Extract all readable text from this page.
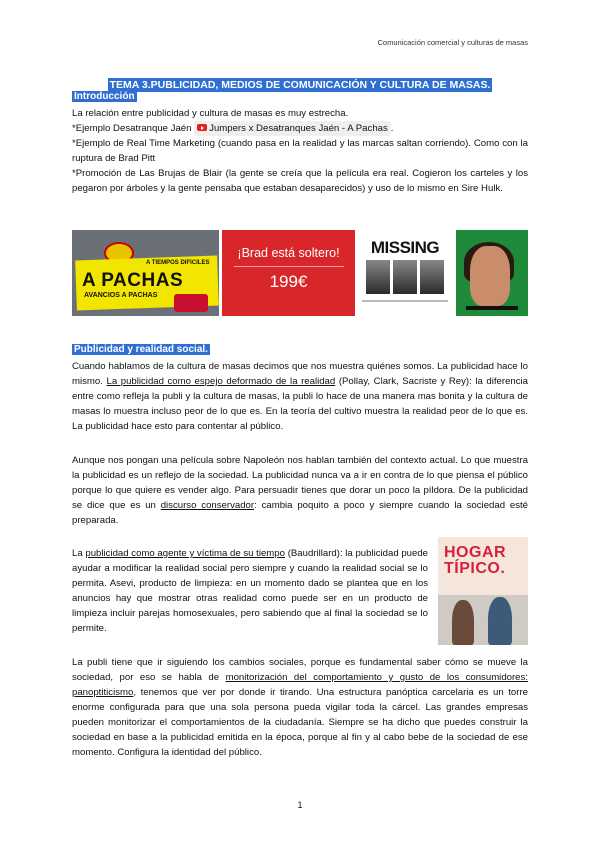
Comunicación comercial y culturas de masas
TEMA 3.PUBLICIDAD, MEDIOS DE COMUNICACIÓN Y CULTURA DE MASAS.
Introducción
La relación entre publicidad y cultura de masas es muy estrecha.
*Ejemplo Desatranque Jaén Jumpers x Desatranques Jaén - A Pachas .
*Ejemplo de Real Time Marketing (cuando pasa en la realidad y las marcas saltan corriendo). Como con la ruptura de Brad Pitt
*Promoción de Las Brujas de Blair (la gente se creía que la película era real. Cogieron los carteles y los pegaron por árboles y la gente pensaba que estaban desaparecidos) y uso de lo mismo en Sire Hulk.
A TIEMPOS DIFICILES
A PACHAS
AVANCIOS A PACHAS
¡Brad está soltero!
199€
MISSING
Publicidad y realidad social.
Cuando hablamos de la cultura de masas decimos que nos muestra quiénes somos. La publicidad hace lo mismo. La publicidad como espejo deformado de la realidad (Pollay, Clark, Sacriste y Rey): la diferencia entre como refleja la publi y la cultura de masas, la publi lo hace de una manera mas bonita y la cultura de masas lo muestra incluso peor de lo que es. En la teoría del cultivo muestra la realidad peor de lo que es. La publicidad hace esto para contentar al público.
Aunque nos pongan una película sobre Napoleón nos hablan también del contexto actual. Lo que muestra la publicidad es un reflejo de la sociedad. La publicidad nunca va a ir en contra de lo que piensa el público porque lo que quiere es vender algo. Para persuadir tienes que dorar un poco la píldora. De la publicidad se dice que es un discurso conservador: cambia poquito a poco y siempre cuando la sociedad esté preparada.
La publicidad como agente y víctima de su tiempo (Baudrillard): la publicidad puede ayudar a modificar la realidad social pero siempre y cuando la realidad social se lo permita. Asevi, producto de limpieza: en un momento dado se plantea que en los anuncios hay que mostrar otras realidad como puede ser en un producto de limpieza incluir parejas homosexuales, pero sabiendo que al final la sociedad se lo permite.
HOGAR TÍPICO.
La publi tiene que ir siguiendo los cambios sociales, porque es fundamental saber cómo se mueve la sociedad, por eso se habla de monitorización del comportamiento y gusto de los consumidores: panoptiticismo, tenemos que ver por donde ir tirando. Una estructura panóptica carcelaria es un torre enorme configurada para que una sola persona pueda vigilar toda la cárcel. Las grandes empresas pueden monitorizar el comportamientos de la ciudadanía. Siempre se ha dicho que puedes construir la sociedad en base a la publicidad emitida en la época, porque al fin y al cabo bebe de la sociedad de ese momento. Configura la identidad del público.
1
